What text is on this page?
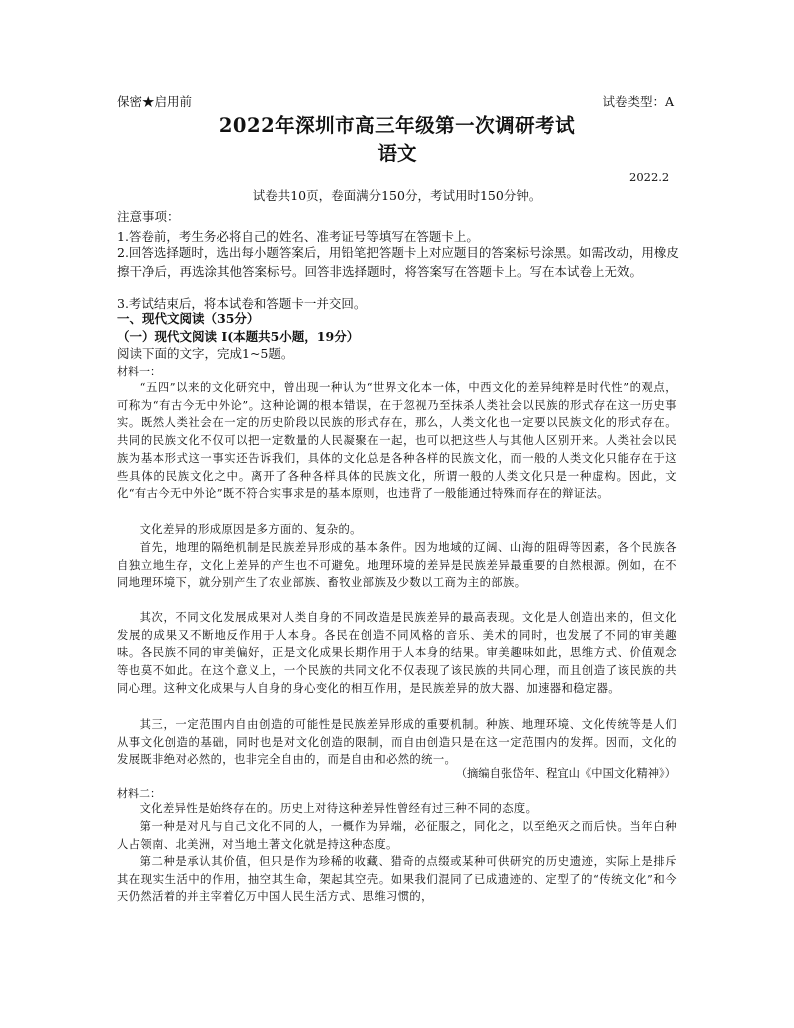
保密★启用前	试卷类型：A
2022年深圳市高三年级第一次调研考试
语文
2022.2
试卷共10页，卷面满分150分，考试用时150分钟。
注意事项：
1.答卷前，考生务必将自己的姓名、准考证号等填写在答题卡上。
2.回答选择题时，选出每小题答案后，用铅笔把答题卡上对应题目的答案标号涂黑。如需改动，用橡皮擦干净后，再选涂其他答案标号。回答非选择题时，将答案写在答题卡上。写在本试卷上无效。
3.考试结束后，将本试卷和答题卡一并交回。
一、现代文阅读（35分）
（一）现代文阅读 I(本题共5小题，19分）
阅读下面的文字，完成1~5题。
材料一：
“五四”以来的文化研究中，曾出现一种认为“世界文化本一体，中西文化的差异纯粹是时代性”的观点，可称为“有古今无中外论”。这种论调的根本错误，在于忽视乃至抹杀人类社会以民族的形式存在这一历史事实。既然人类社会在一定的历史阶段以民族的形式存在，那么，人类文化也一定要以民族文化的形式存在。共同的民族文化不仅可以把一定数量的人民凝聚在一起，也可以把这些人与其他人区别开来。人类社会以民族为基本形式这一事实还告诉我们，具体的文化总是各种各样的民族文化，而一般的人类文化只能存在于这些具体的民族文化之中。离开了各种各样具体的民族文化，所谓一般的人类文化只是一种虚构。因此，文化“有古今无中外论”既不符合实事求是的基本原则，也违背了一般能通过特殊而存在的辩证法。
文化差异的形成原因是多方面的、复杂的。
首先，地理的隔绝机制是民族差异形成的基本条件。因为地域的辽阔、山海的阻碍等因素，各个民族各自独立地生存，文化上差异的产生也不可避免。地理环境的差异是民族差异最重要的自然根源。例如，在不同地理环境下，就分别产生了农业部族、畜牧业部族及少数以工商为主的部族。
其次，不同文化发展成果对人类自身的不同改造是民族差异的最高表现。文化是人创造出来的，但文化发展的成果又不断地反作用于人本身。各民在创造不同风格的音乐、美术的同时，也发展了不同的审美趣味。各民族不同的审美偏好，正是文化成果长期作用于人本身的结果。审美趣味如此，思维方式、价值观念等也莫不如此。在这个意义上，一个民族的共同文化不仅表现了该民族的共同心理，而且创造了该民族的共同心理。这种文化成果与人自身的身心变化的相互作用，是民族差异的放大器、加速器和稳定器。
其三，一定范围内自由创造的可能性是民族差异形成的重要机制。种族、地理环境、文化传统等是人们从事文化创造的基础，同时也是对文化创造的限制，而自由创造只是在这一定范围内的发挥。因而，文化的发展既非绝对必然的，也非完全自由的，而是自由和必然的统一。
（摘编自张岱年、程宜山《中国文化精神》）
材料二：
文化差异性是始终存在的。历史上对待这种差异性曾经有过三种不同的态度。
第一种是对凡与自己文化不同的人，一概作为异端，必征服之，同化之，以至绝灭之而后快。当年白种人占领南、北美洲，对当地土著文化就是持这种态度。
第二种是承认其价值，但只是作为珍稀的收藏、猎奇的点缀或某种可供研究的历史遗迹，实际上是排斥其在现实生活中的作用，抽空其生命，架起其空壳。如果我们混同了已成遗迹的、定型了的“传统文化”和今天仍然活着的并主宰着亿万中国人民生活方式、思维习惯的，
